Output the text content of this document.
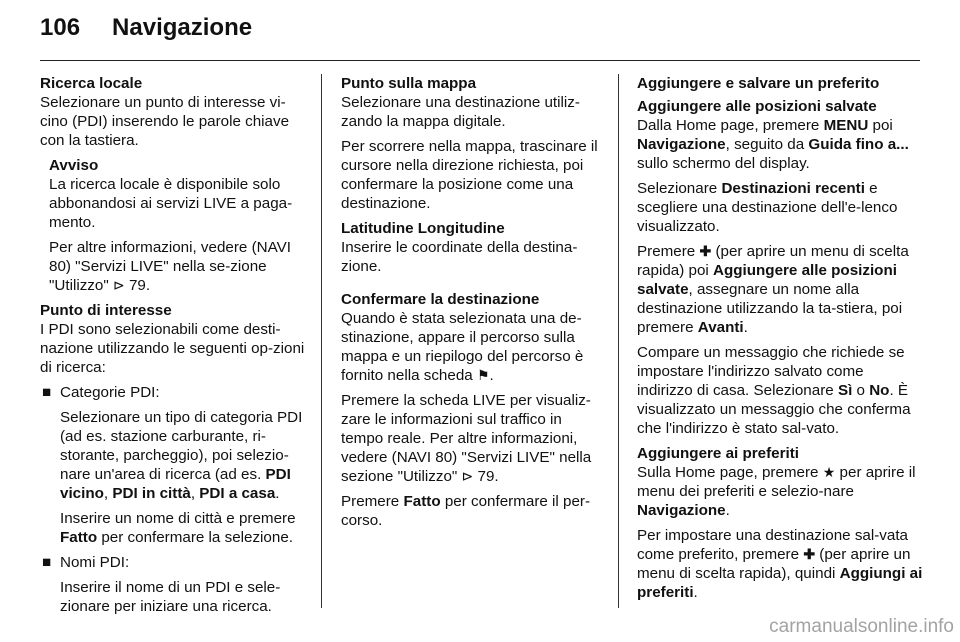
106 Navigazione
Ricerca locale
Selezionare un punto di interesse vi-cino (PDI) inserendo le parole chiave con la tastiera.
Avviso

La ricerca locale è disponibile solo abbonandosi ai servizi LIVE a paga-mento.

Per altre informazioni, vedere (NAVI 80) "Servizi LIVE" nella se-zione "Utilizzo" ⊳ 79.

Punto di interesse
I PDI sono selezionabili come desti-nazione utilizzando le seguenti op-zioni di ricerca:
■ Categorie PDI:

Selezionare un tipo di categoria PDI (ad es. stazione carburante, ri-storante, parcheggio), poi selezio-nare un'area di ricerca (ad es. PDI vicino, PDI in città, PDI a casa.

Inserire un nome di città e premere Fatto per confermare la selezione.

■ Nomi PDI:

Inserire il nome di un PDI e sele-zionare per iniziare una ricerca.

Punto sulla mappa

Selezionare una destinazione utiliz-zando la mappa digitale.

Per scorrere nella mappa, trascinare il cursore nella direzione richiesta, poi confermare la posizione come una destinazione.

Latitudine Longitudine

Inserire le coordinate della destina-zione.

Confermare la destinazione

Quando è stata selezionata una de-stinazione, appare il percorso sulla mappa e un riepilogo del percorso è fornito nella scheda ⚑.

Premere la scheda LIVE per visualiz-zare le informazioni sul traffico in tempo reale. Per altre informazioni, vedere (NAVI 80) "Servizi LIVE" nella sezione "Utilizzo" ⊳ 79.

Premere Fatto per confermare il per-corso.

Aggiungere e salvare un preferito
Aggiungere alle posizioni salvate

Dalla Home page, premere MENU poi Navigazione, seguito da Guida fino a... sullo schermo del display.

Selezionare Destinazioni recenti e scegliere una destinazione dell'e-lenco visualizzato.

Premere ✚ (per aprire un menu di scelta rapida) poi Aggiungere alle posizioni salvate, assegnare un nome alla destinazione utilizzando la ta-stiera, poi premere Avanti.

Compare un messaggio che richiede se impostare l'indirizzo salvato come indirizzo di casa. Selezionare Sì o No. È visualizzato un messaggio che conferma che l'indirizzo è stato sal-vato.

Aggiungere ai preferiti

Sulla Home page, premere ★ per aprire il menu dei preferiti e selezio-nare Navigazione.

Per impostare una destinazione sal-vata come preferito, premere ✚ (per aprire un menu di scelta rapida), quindi Aggiungi ai preferiti.

carmanualsonline.info
